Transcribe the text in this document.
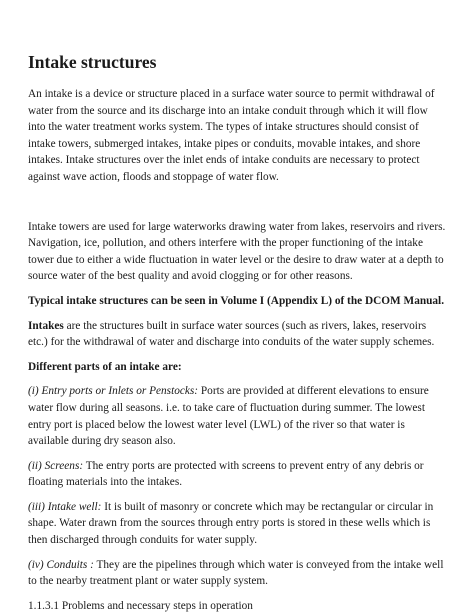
Intake structures

An intake is a device or structure placed in a surface water source to permit withdrawal of water from the source and its discharge into an intake conduit through which it will flow into the water treatment works system. The types of intake structures should consist of intake towers, submerged intakes, intake pipes or conduits, movable intakes, and shore intakes. Intake structures over the inlet ends of intake conduits are necessary to protect against wave action, floods and stoppage of water flow.

Intake towers are used for large waterworks drawing water from lakes, reservoirs and rivers. Navigation, ice, pollution, and others interfere with the proper functioning of the intake tower due to either a wide fluctuation in water level or the desire to draw water at a depth to source water of the best quality and avoid clogging or for other reasons.

Typical intake structures can be seen in Volume I (Appendix L) of the DCOM Manual.

Intakes are the structures built in surface water sources (such as rivers, lakes, reservoirs etc.) for the withdrawal of water and discharge into conduits of the water supply schemes.

Different parts of an intake are:

(i) Entry ports or Inlets or Penstocks: Ports are provided at different elevations to ensure water flow during all seasons. i.e. to take care of fluctuation during summer. The lowest entry port is placed below the lowest water level (LWL) of the river so that water is available during dry season also.

(ii) Screens: The entry ports are protected with screens to prevent entry of any debris or floating materials into the intakes.

(iii) Intake well: It is built of masonry or concrete which may be rectangular or circular in shape. Water drawn from the sources through entry ports is stored in these wells which is then discharged through conduits for water supply.

(iv) Conduits : They are the pipelines through which water is conveyed from the intake well to the nearby treatment plant or water supply system.

1.1.3.1 Problems and necessary steps in operation
